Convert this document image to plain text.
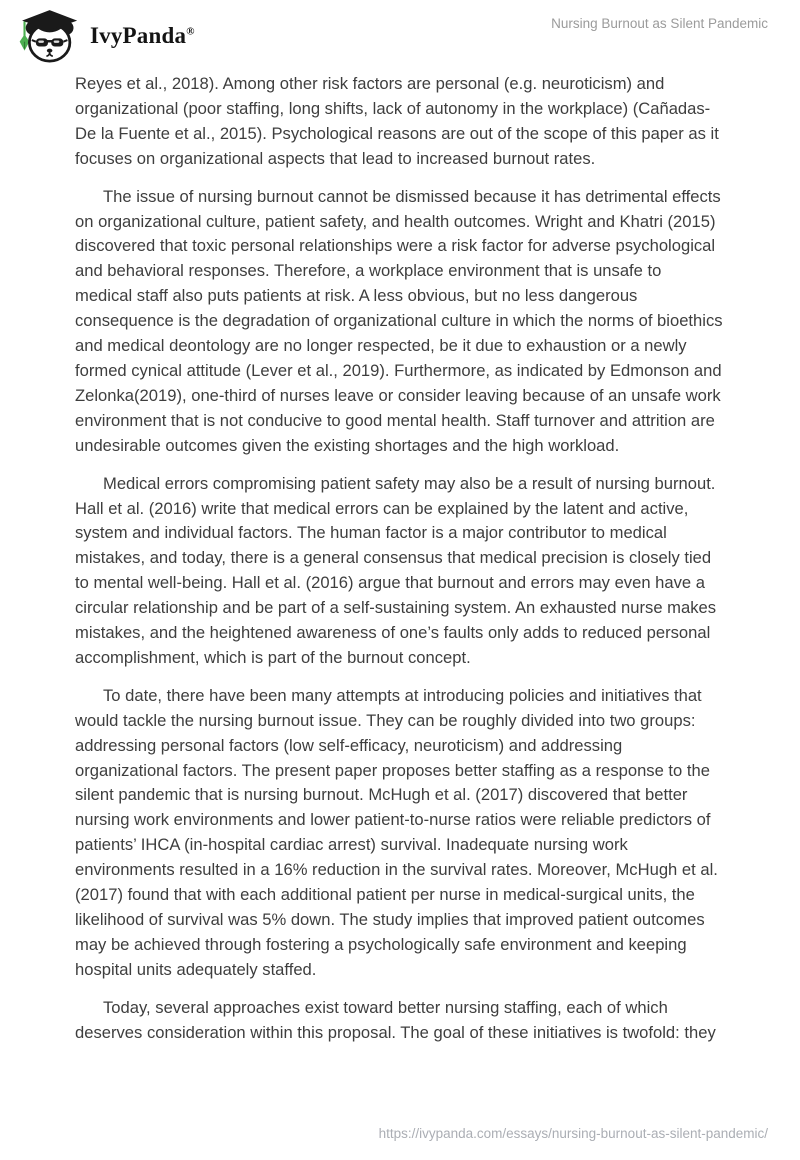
IvyPanda®
Nursing Burnout as Silent Pandemic

Reyes et al., 2018). Among other risk factors are personal (e.g. neuroticism) and organizational (poor staffing, long shifts, lack of autonomy in the workplace) (Cañadas-De la Fuente et al., 2015). Psychological reasons are out of the scope of this paper as it focuses on organizational aspects that lead to increased burnout rates.

The issue of nursing burnout cannot be dismissed because it has detrimental effects on organizational culture, patient safety, and health outcomes. Wright and Khatri (2015) discovered that toxic personal relationships were a risk factor for adverse psychological and behavioral responses. Therefore, a workplace environment that is unsafe to medical staff also puts patients at risk. A less obvious, but no less dangerous consequence is the degradation of organizational culture in which the norms of bioethics and medical deontology are no longer respected, be it due to exhaustion or a newly formed cynical attitude (Lever et al., 2019). Furthermore, as indicated by Edmonson and Zelonka(2019), one-third of nurses leave or consider leaving because of an unsafe work environment that is not conducive to good mental health. Staff turnover and attrition are undesirable outcomes given the existing shortages and the high workload.

Medical errors compromising patient safety may also be a result of nursing burnout. Hall et al. (2016) write that medical errors can be explained by the latent and active, system and individual factors. The human factor is a major contributor to medical mistakes, and today, there is a general consensus that medical precision is closely tied to mental well-being. Hall et al. (2016) argue that burnout and errors may even have a circular relationship and be part of a self-sustaining system. An exhausted nurse makes mistakes, and the heightened awareness of one’s faults only adds to reduced personal accomplishment, which is part of the burnout concept.

To date, there have been many attempts at introducing policies and initiatives that would tackle the nursing burnout issue. They can be roughly divided into two groups: addressing personal factors (low self-efficacy, neuroticism) and addressing organizational factors. The present paper proposes better staffing as a response to the silent pandemic that is nursing burnout. McHugh et al. (2017) discovered that better nursing work environments and lower patient-to-nurse ratios were reliable predictors of patients’ IHCA (in-hospital cardiac arrest) survival. Inadequate nursing work environments resulted in a 16% reduction in the survival rates. Moreover, McHugh et al. (2017) found that with each additional patient per nurse in medical-surgical units, the likelihood of survival was 5% down. The study implies that improved patient outcomes may be achieved through fostering a psychologically safe environment and keeping hospital units adequately staffed.

Today, several approaches exist toward better nursing staffing, each of which deserves consideration within this proposal. The goal of these initiatives is twofold: they

https://ivypanda.com/essays/nursing-burnout-as-silent-pandemic/
